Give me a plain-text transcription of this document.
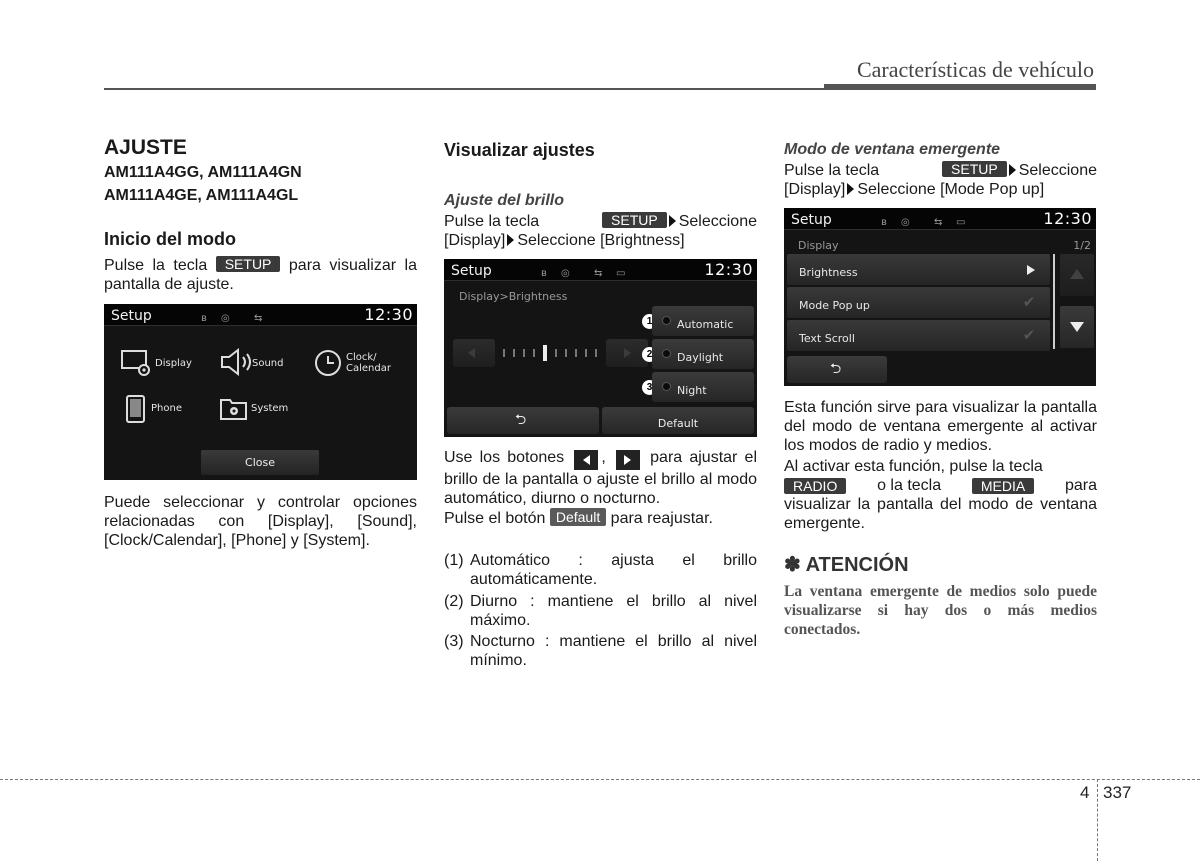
Características de vehículo
AJUSTE
AM111A4GG, AM111A4GN
AM111A4GE, AM111A4GL
Inicio del modo
Pulse la tecla SETUP para visualizar la pantalla de ajuste.
Setup	ʙ ◎ ⇆	12:30
Display	Sound
Clock/
Calendar
Phone	System
Close
Puede seleccionar y controlar opciones relacionadas con [Display], [Sound], [Clock/Calendar], [Phone] y [System].
Visualizar ajustes
Ajuste del brillo
Pulse la tecla	SETUP Seleccione
[Display] Seleccione [Brightness]
Setup	ʙ ◎ ⇆ ▭	12:30
Display>Brightness
1	Automatic
2	Daylight
3	Night
⮌	Default
Use los botones ,	para ajustar el brillo de la pantalla o ajuste el brillo al modo automático, diurno o nocturno.
Pulse el botón Default para reajustar.
(1) Automático : ajusta el brillo automáticamente.
(2) Diurno : mantiene el brillo al nivel máximo.
(3) Nocturno : mantiene el brillo al nivel mínimo.
Modo de ventana emergente
Pulse la tecla	SETUP Seleccione
[Display] Seleccione [Mode Pop up]
Setup	ʙ ◎ ⇆ ▭	12:30
Display	1/2
Brightness
Mode Pop up	✔
Text Scroll	✔
⮌
Esta función sirve para visualizar la pantalla del modo de ventana emergente al activar los modos de radio y medios.
Al activar esta función, pulse la tecla
RADIO	o la tecla	MEDIA	para
visualizar la pantalla del modo de ventana emergente.
✽ ATENCIÓN
La ventana emergente de medios solo puede visualizarse si hay dos o más medios conectados.
4 337
